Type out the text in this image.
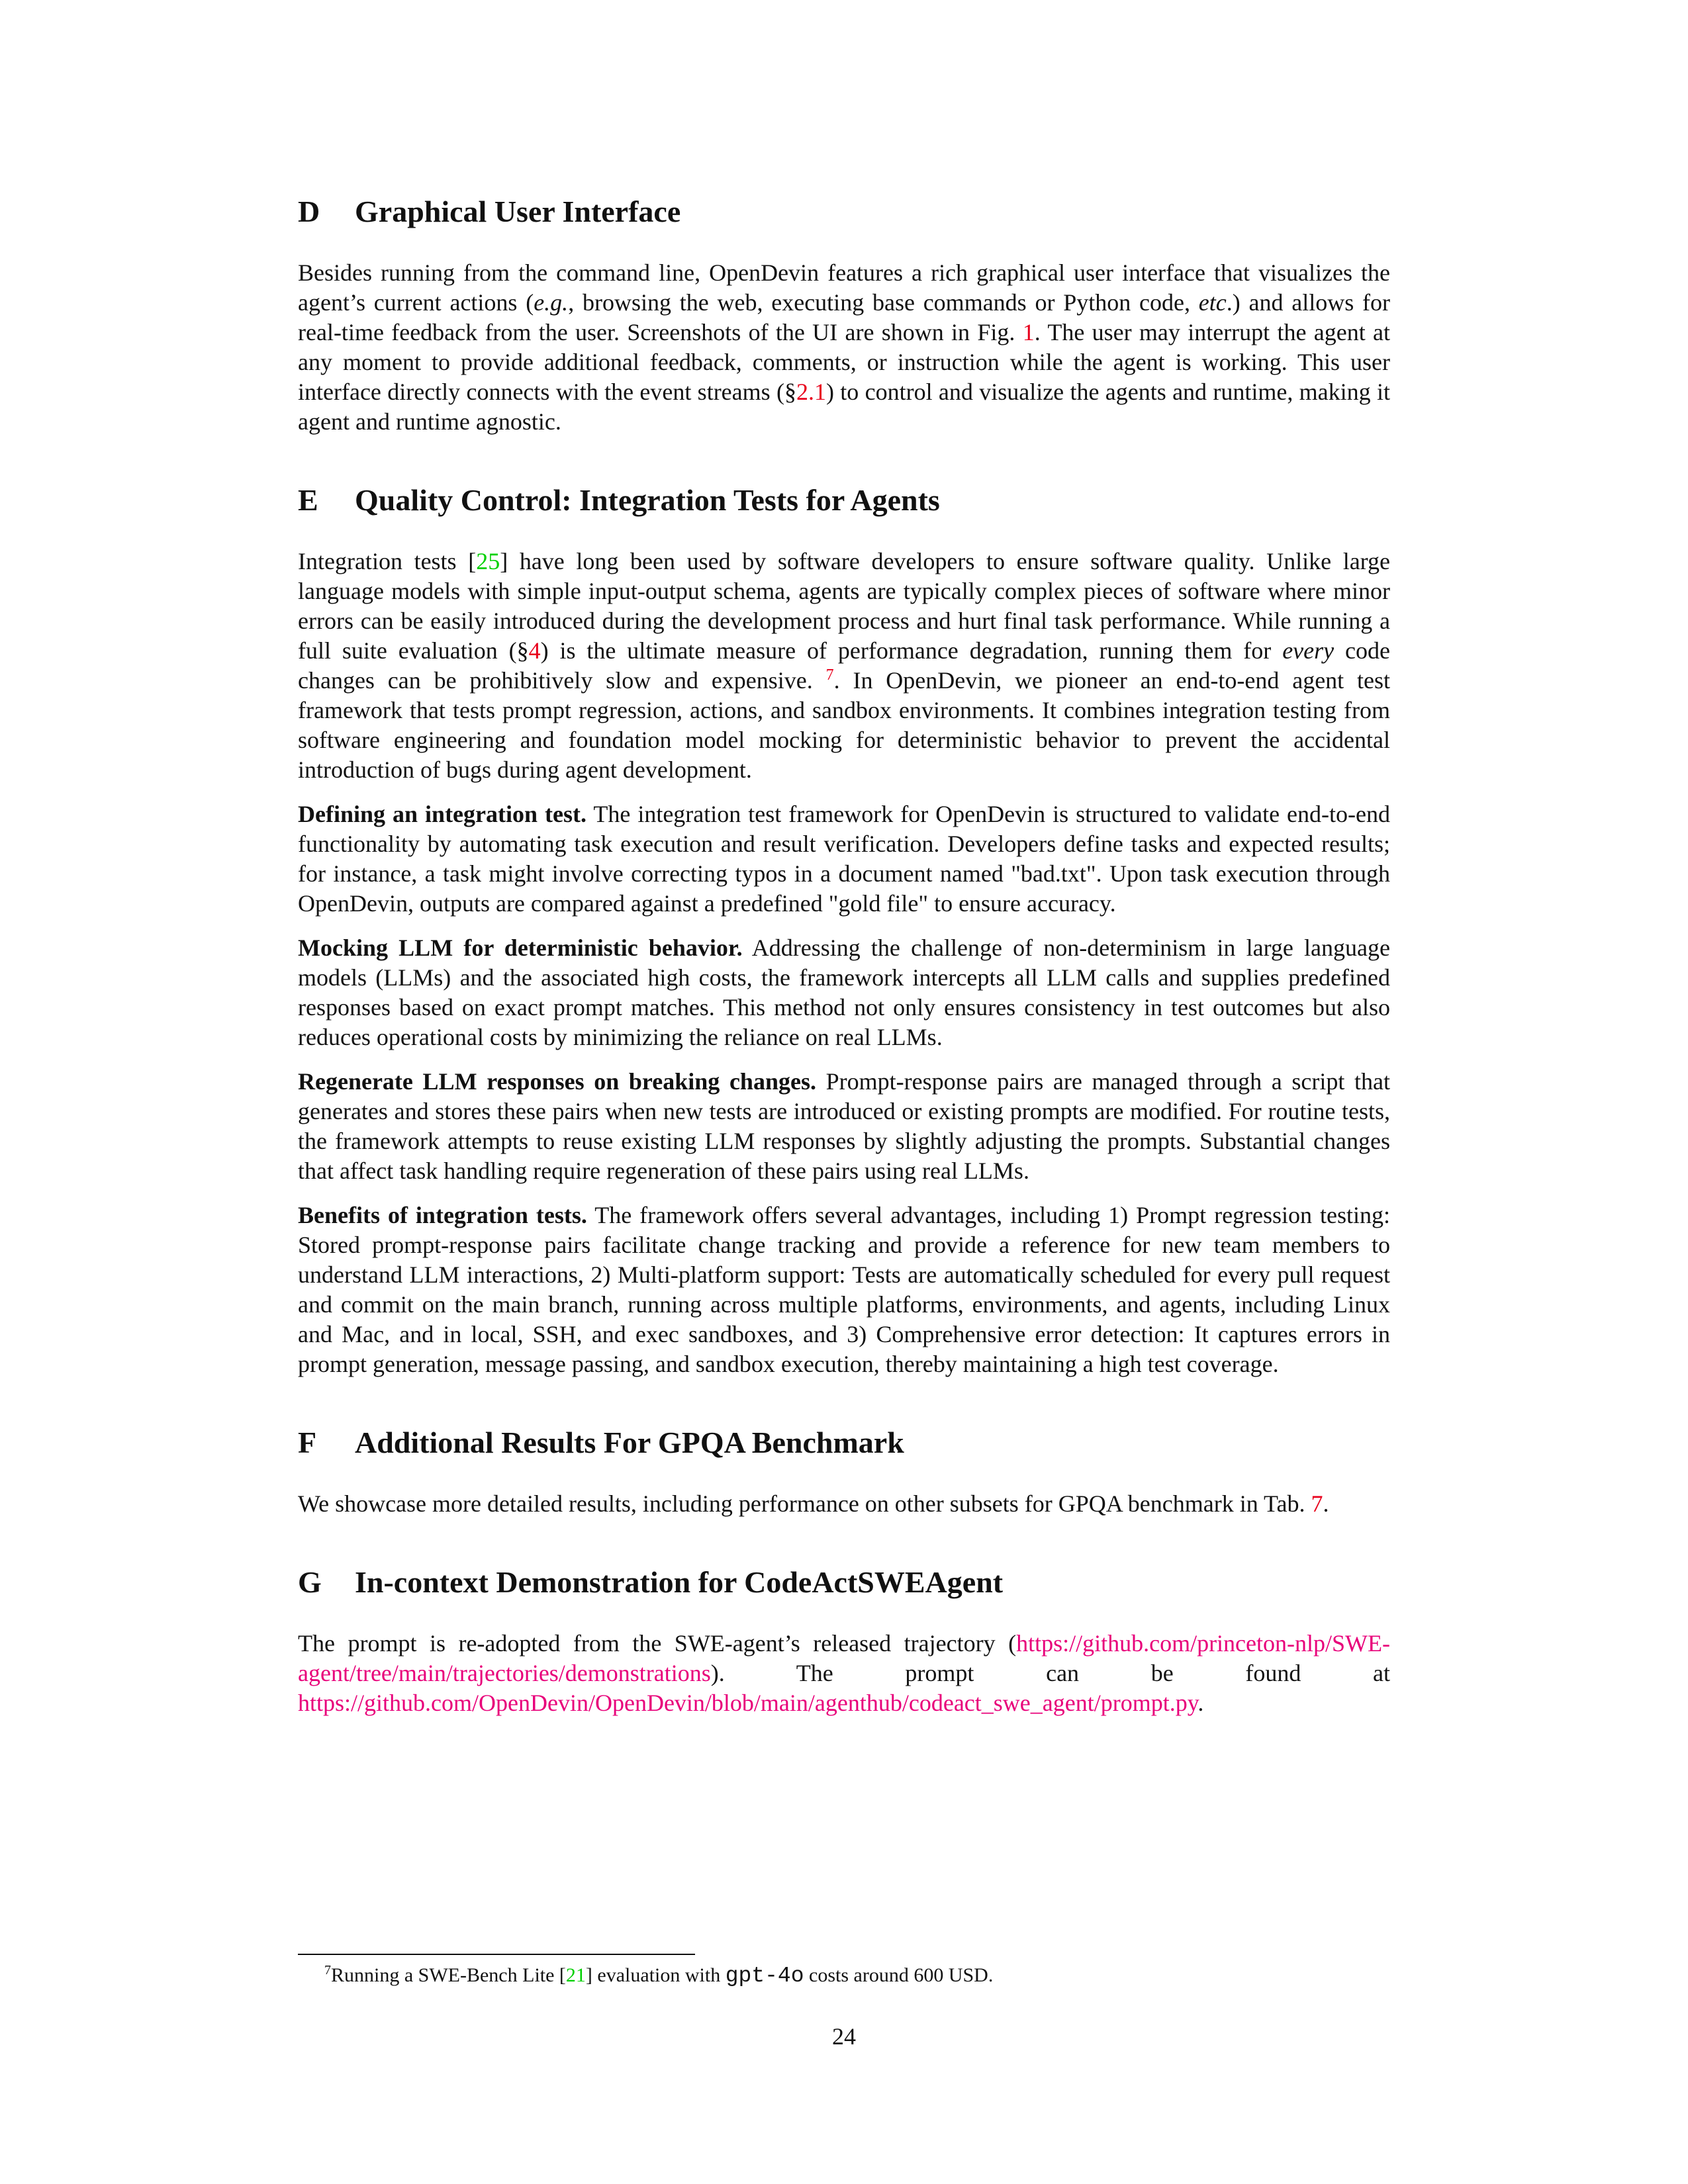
D	Graphical User Interface

Besides running from the command line, OpenDevin features a rich graphical user interface that visualizes the agent’s current actions (e.g., browsing the web, executing base commands or Python code, etc.) and allows for real-time feedback from the user. Screenshots of the UI are shown in Fig. 1. The user may interrupt the agent at any moment to provide additional feedback, comments, or instruction while the agent is working. This user interface directly connects with the event streams (§2.1) to control and visualize the agents and runtime, making it agent and runtime agnostic.

E	Quality Control: Integration Tests for Agents

Integration tests [25] have long been used by software developers to ensure software quality. Unlike large language models with simple input-output schema, agents are typically complex pieces of software where minor errors can be easily introduced during the development process and hurt final task performance. While running a full suite evaluation (§4) is the ultimate measure of performance degradation, running them for every code changes can be prohibitively slow and expensive. $^7$. In OpenDevin, we pioneer an end-to-end agent test framework that tests prompt regression, actions, and sandbox environments. It combines integration testing from software engineering and foundation model mocking for deterministic behavior to prevent the accidental introduction of bugs during agent development.

Defining an integration test. The integration test framework for OpenDevin is structured to validate end-to-end functionality by automating task execution and result verification. Developers define tasks and expected results; for instance, a task might involve correcting typos in a document named "bad.txt". Upon task execution through OpenDevin, outputs are compared against a predefined "gold file" to ensure accuracy.

Mocking LLM for deterministic behavior. Addressing the challenge of non-determinism in large language models (LLMs) and the associated high costs, the framework intercepts all LLM calls and supplies predefined responses based on exact prompt matches. This method not only ensures consistency in test outcomes but also reduces operational costs by minimizing the reliance on real LLMs.

Regenerate LLM responses on breaking changes. Prompt-response pairs are managed through a script that generates and stores these pairs when new tests are introduced or existing prompts are modified. For routine tests, the framework attempts to reuse existing LLM responses by slightly adjusting the prompts. Substantial changes that affect task handling require regeneration of these pairs using real LLMs.

Benefits of integration tests. The framework offers several advantages, including 1) Prompt regression testing: Stored prompt-response pairs facilitate change tracking and provide a reference for new team members to understand LLM interactions, 2) Multi-platform support: Tests are automatically scheduled for every pull request and commit on the main branch, running across multiple platforms, environments, and agents, including Linux and Mac, and in local, SSH, and exec sandboxes, and 3) Comprehensive error detection: It captures errors in prompt generation, message passing, and sandbox execution, thereby maintaining a high test coverage.

F	Additional Results For GPQA Benchmark

We showcase more detailed results, including performance on other subsets for GPQA benchmark in Tab. 7.

G	In-context Demonstration for CodeActSWEAgent

The prompt is re-adopted from the SWE-agent’s released trajectory (https://github.com/princeton-nlp/SWE-agent/tree/main/trajectories/demonstrations). The prompt can be found at https://github.com/OpenDevin/OpenDevin/blob/main/agenthub/codeact_swe_agent/prompt.py.

$^7$Running a SWE-Bench Lite [21] evaluation with gpt-4o costs around 600 USD.
24
